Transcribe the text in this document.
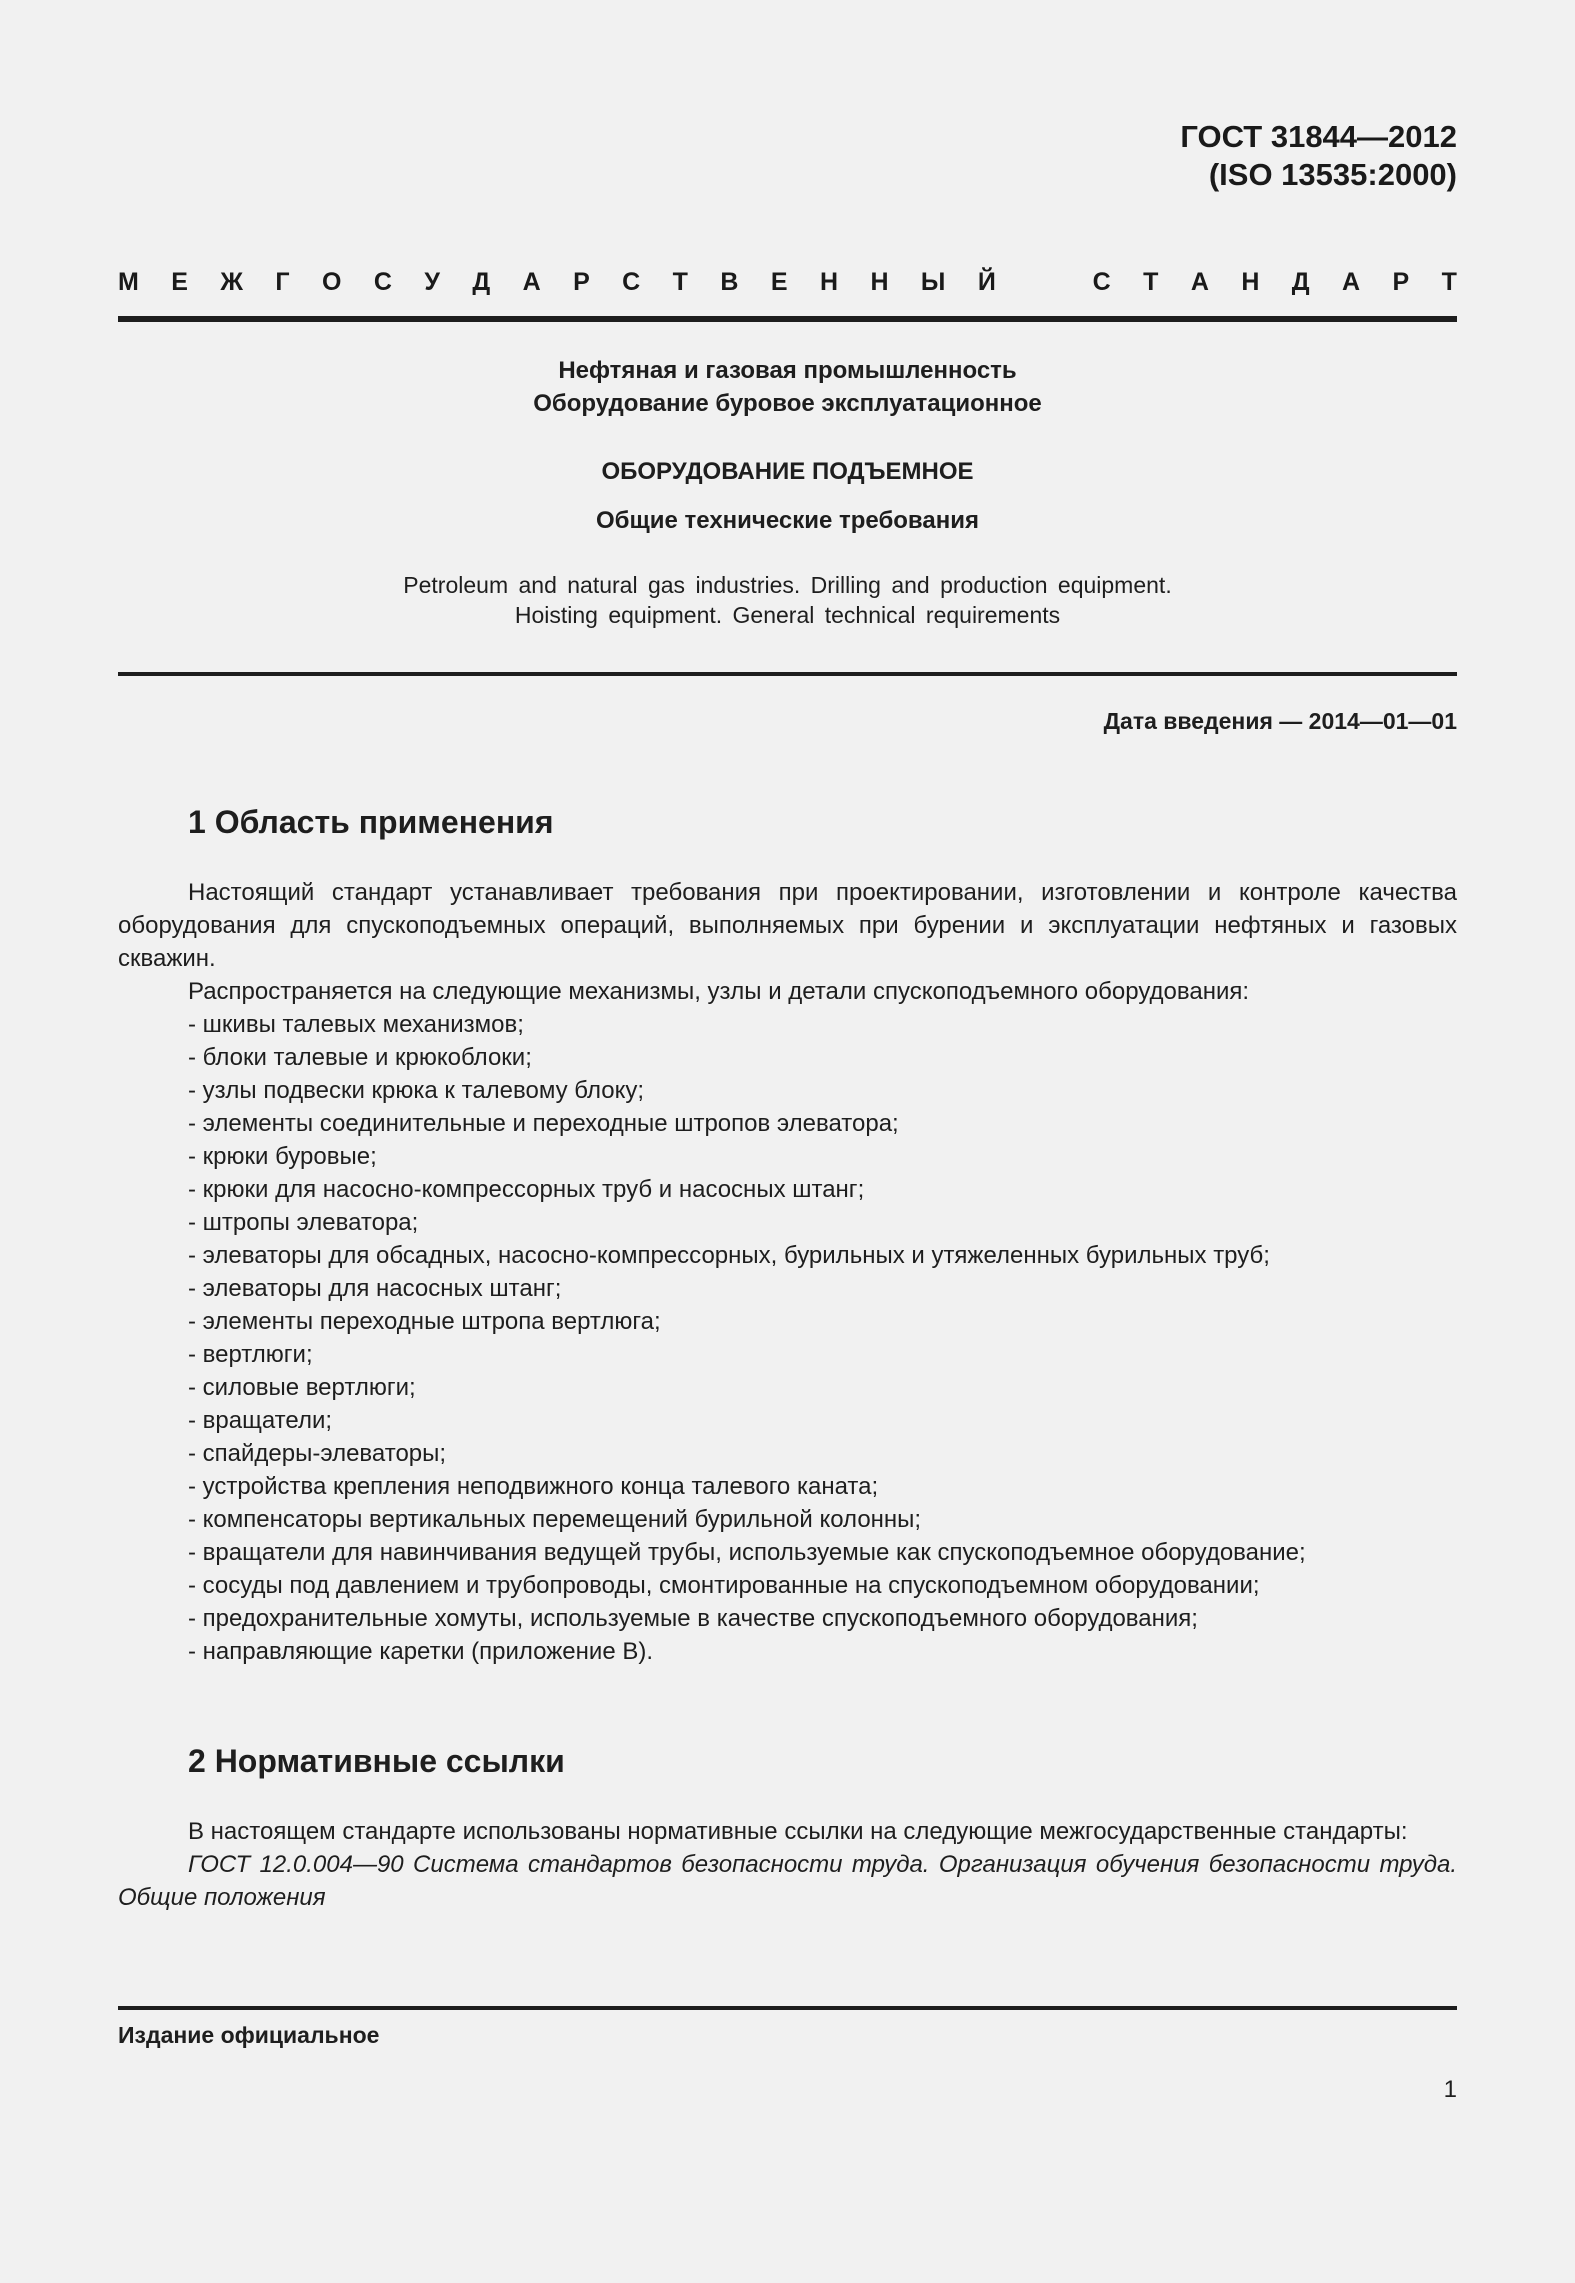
ГОСТ 31844—2012
(ISO 13535:2000)
М Е Ж Г О С У Д А Р С Т В Е Н Н Ы Й	С Т А Н Д А Р Т
Нефтяная и газовая промышленность
Оборудование буровое эксплуатационное
ОБОРУДОВАНИЕ ПОДЪЕМНОЕ
Общие технические требования
Petroleum and natural gas industries. Drilling and production equipment.
Hoisting equipment. General technical requirements
Дата введения — 2014—01—01
1 Область применения

Настоящий стандарт устанавливает требования при проектировании, изготовлении и контроле качества оборудования для спускоподъемных операций, выполняемых при бурении и эксплуатации нефтяных и газовых скважин.

Распространяется на следующие механизмы, узлы и детали спускоподъемного оборудования:

- шкивы талевых механизмов;

- блоки талевые и крюкоблоки;

- узлы подвески крюка к талевому блоку;

- элементы соединительные и переходные штропов элеватора;

- крюки буровые;

- крюки для насосно-компрессорных труб и насосных штанг;

- штропы элеватора;

- элеваторы для обсадных, насосно-компрессорных, бурильных и утяжеленных бурильных труб;

- элеваторы для насосных штанг;

- элементы переходные штропа вертлюга;

- вертлюги;

- силовые вертлюги;

- вращатели;

- спайдеры-элеваторы;

- устройства крепления неподвижного конца талевого каната;

- компенсаторы вертикальных перемещений бурильной колонны;

- вращатели для навинчивания ведущей трубы, используемые как спускоподъемное оборудование;

- сосуды под давлением и трубопроводы, смонтированные на спускоподъемном оборудовании;

- предохранительные хомуты, используемые в качестве спускоподъемного оборудования;

- направляющие каретки (приложение В).

2 Нормативные ссылки

В настоящем стандарте использованы нормативные ссылки на следующие межгосударственные стандарты:

ГОСТ 12.0.004—90 Система стандартов безопасности труда. Организация обучения безопасности труда. Общие положения

Издание официальное
1
